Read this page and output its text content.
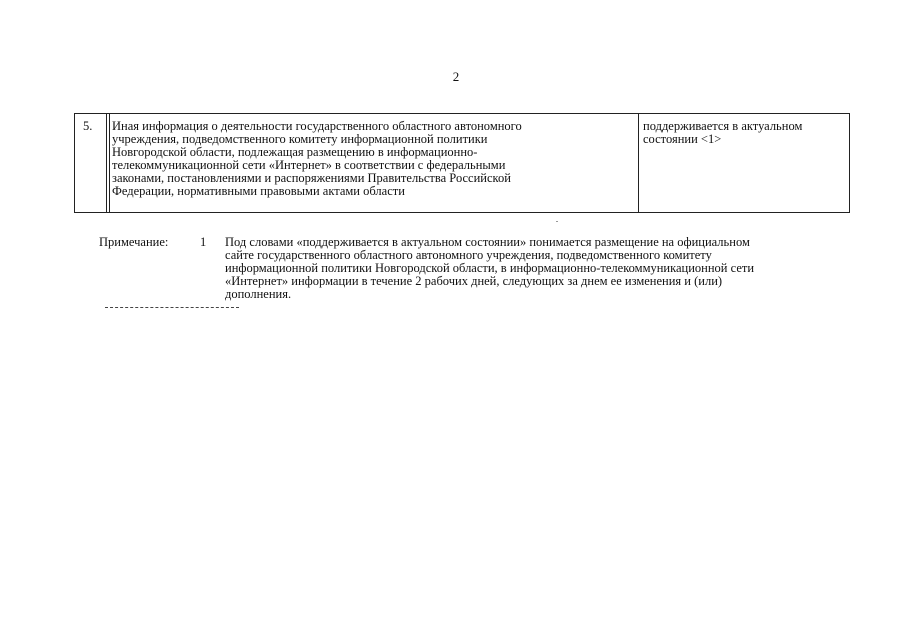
2
5. Иная информация о деятельности государственного областного автономного
учреждения, подведомственного комитету информационной политики
Новгородской области, подлежащая размещению в информационно-
телекоммуникационной сети «Интернет» в соответствии с федеральными
законами, постановлениями и распоряжениями Правительства Российской
Федерации, нормативными правовыми актами области
поддерживается в актуальном
состоянии <1>
Примечание:	1 Под словами «поддерживается в актуальном состоянии» понимается размещение на официальном
сайте государственного областного автономного учреждения, подведомственного комитету
информационной политики Новгородской области, в информационно-телекоммуникационной сети
«Интернет» информации в течение 2 рабочих дней, следующих за днем ее изменения и (или)
дополнения.
